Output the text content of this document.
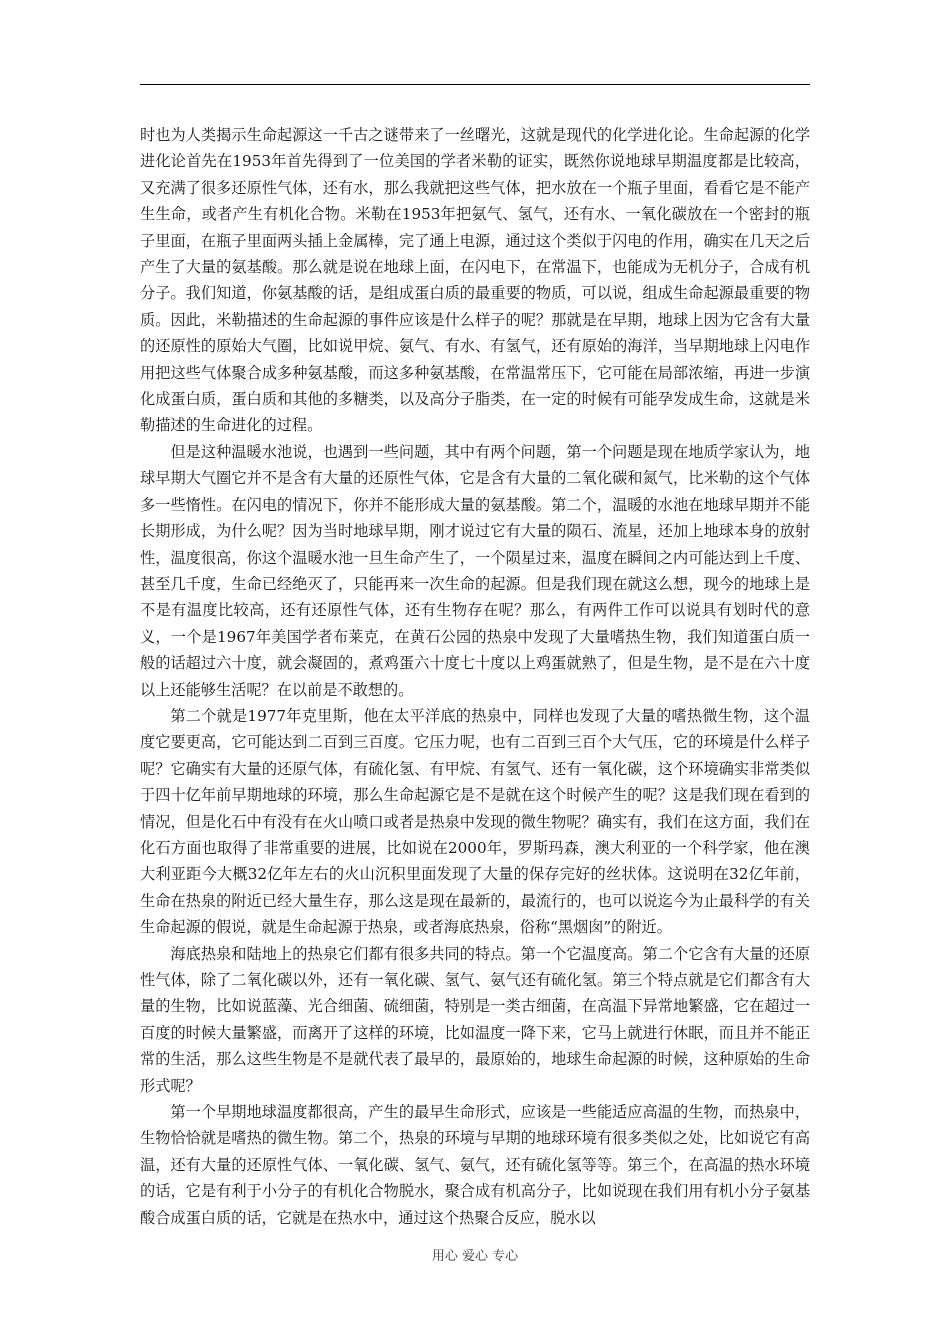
时也为人类揭示生命起源这一千古之谜带来了一丝曙光，这就是现代的化学进化论。生命起源的化学进化论首先在1953年首先得到了一位美国的学者米勒的证实，既然你说地球早期温度都是比较高，又充满了很多还原性气体，还有水，那么我就把这些气体，把水放在一个瓶子里面，看看它是不能产生生命，或者产生有机化合物。米勒在1953年把氨气、氢气，还有水、一氧化碳放在一个密封的瓶子里面，在瓶子里面两头插上金属棒，完了通上电源，通过这个类似于闪电的作用，确实在几天之后产生了大量的氨基酸。那么就是说在地球上面，在闪电下，在常温下，也能成为无机分子，合成有机分子。我们知道，你氨基酸的话，是组成蛋白质的最重要的物质，可以说，组成生命起源最重要的物质。因此，米勒描述的生命起源的事件应该是什么样子的呢？那就是在早期，地球上因为它含有大量的还原性的原始大气圈，比如说甲烷、氨气、有水、有氢气，还有原始的海洋，当早期地球上闪电作用把这些气体聚合成多种氨基酸，而这多种氨基酸，在常温常压下，它可能在局部浓缩，再进一步演化成蛋白质，蛋白质和其他的多糖类，以及高分子脂类，在一定的时候有可能孕发成生命，这就是米勒描述的生命进化的过程。

但是这种温暖水池说，也遇到一些问题，其中有两个问题，第一个问题是现在地质学家认为，地球早期大气圈它并不是含有大量的还原性气体，它是含有大量的二氧化碳和氮气，比米勒的这个气体多一些惰性。在闪电的情况下，你并不能形成大量的氨基酸。第二个，温暖的水池在地球早期并不能长期形成，为什么呢？因为当时地球早期，刚才说过它有大量的陨石、流星，还加上地球本身的放射性，温度很高，你这个温暖水池一旦生命产生了，一个陨星过来，温度在瞬间之内可能达到上千度、甚至几千度，生命已经绝灭了，只能再来一次生命的起源。但是我们现在就这么想，现今的地球上是不是有温度比较高，还有还原性气体，还有生物存在呢？那么，有两件工作可以说具有划时代的意义，一个是1967年美国学者布莱克，在黄石公园的热泉中发现了大量嗜热生物，我们知道蛋白质一般的话超过六十度，就会凝固的，煮鸡蛋六十度七十度以上鸡蛋就熟了，但是生物，是不是在六十度以上还能够生活呢？在以前是不敢想的。

第二个就是1977年克里斯，他在太平洋底的热泉中，同样也发现了大量的嗜热微生物，这个温度它要更高，它可能达到二百到三百度。它压力呢，也有二百到三百个大气压，它的环境是什么样子呢？它确实有大量的还原气体，有硫化氢、有甲烷、有氢气、还有一氧化碳，这个环境确实非常类似于四十亿年前早期地球的环境，那么生命起源它是不是就在这个时候产生的呢？这是我们现在看到的情况，但是化石中有没有在火山喷口或者是热泉中发现的微生物呢？确实有，我们在这方面，我们在化石方面也取得了非常重要的进展，比如说在2000年，罗斯玛森，澳大利亚的一个科学家，他在澳大利亚距今大概32亿年左右的火山沉积里面发现了大量的保存完好的丝状体。这说明在32亿年前，生命在热泉的附近已经大量生存，那么这是现在最新的，最流行的，也可以说迄今为止最科学的有关生命起源的假说，就是生命起源于热泉，或者海底热泉，俗称“黑烟囱”的附近。

海底热泉和陆地上的热泉它们都有很多共同的特点。第一个它温度高。第二个它含有大量的还原性气体，除了二氧化碳以外，还有一氧化碳、氢气、氨气还有硫化氢。第三个特点就是它们都含有大量的生物，比如说蓝藻、光合细菌、硫细菌，特别是一类古细菌，在高温下异常地繁盛，它在超过一百度的时候大量繁盛，而离开了这样的环境，比如温度一降下来，它马上就进行休眠，而且并不能正常的生活，那么这些生物是不是就代表了最早的，最原始的，地球生命起源的时候，这种原始的生命形式呢？

第一个早期地球温度都很高，产生的最早生命形式，应该是一些能适应高温的生物，而热泉中，生物恰恰就是嗜热的微生物。第二个，热泉的环境与早期的地球环境有很多类似之处，比如说它有高温，还有大量的还原性气体、一氧化碳、氢气、氨气，还有硫化氢等等。第三个，在高温的热水环境的话，它是有利于小分子的有机化合物脱水，聚合成有机高分子，比如说现在我们用有机小分子氨基酸合成蛋白质的话，它就是在热水中，通过这个热聚合反应，脱水以

用心 爱心 专心
